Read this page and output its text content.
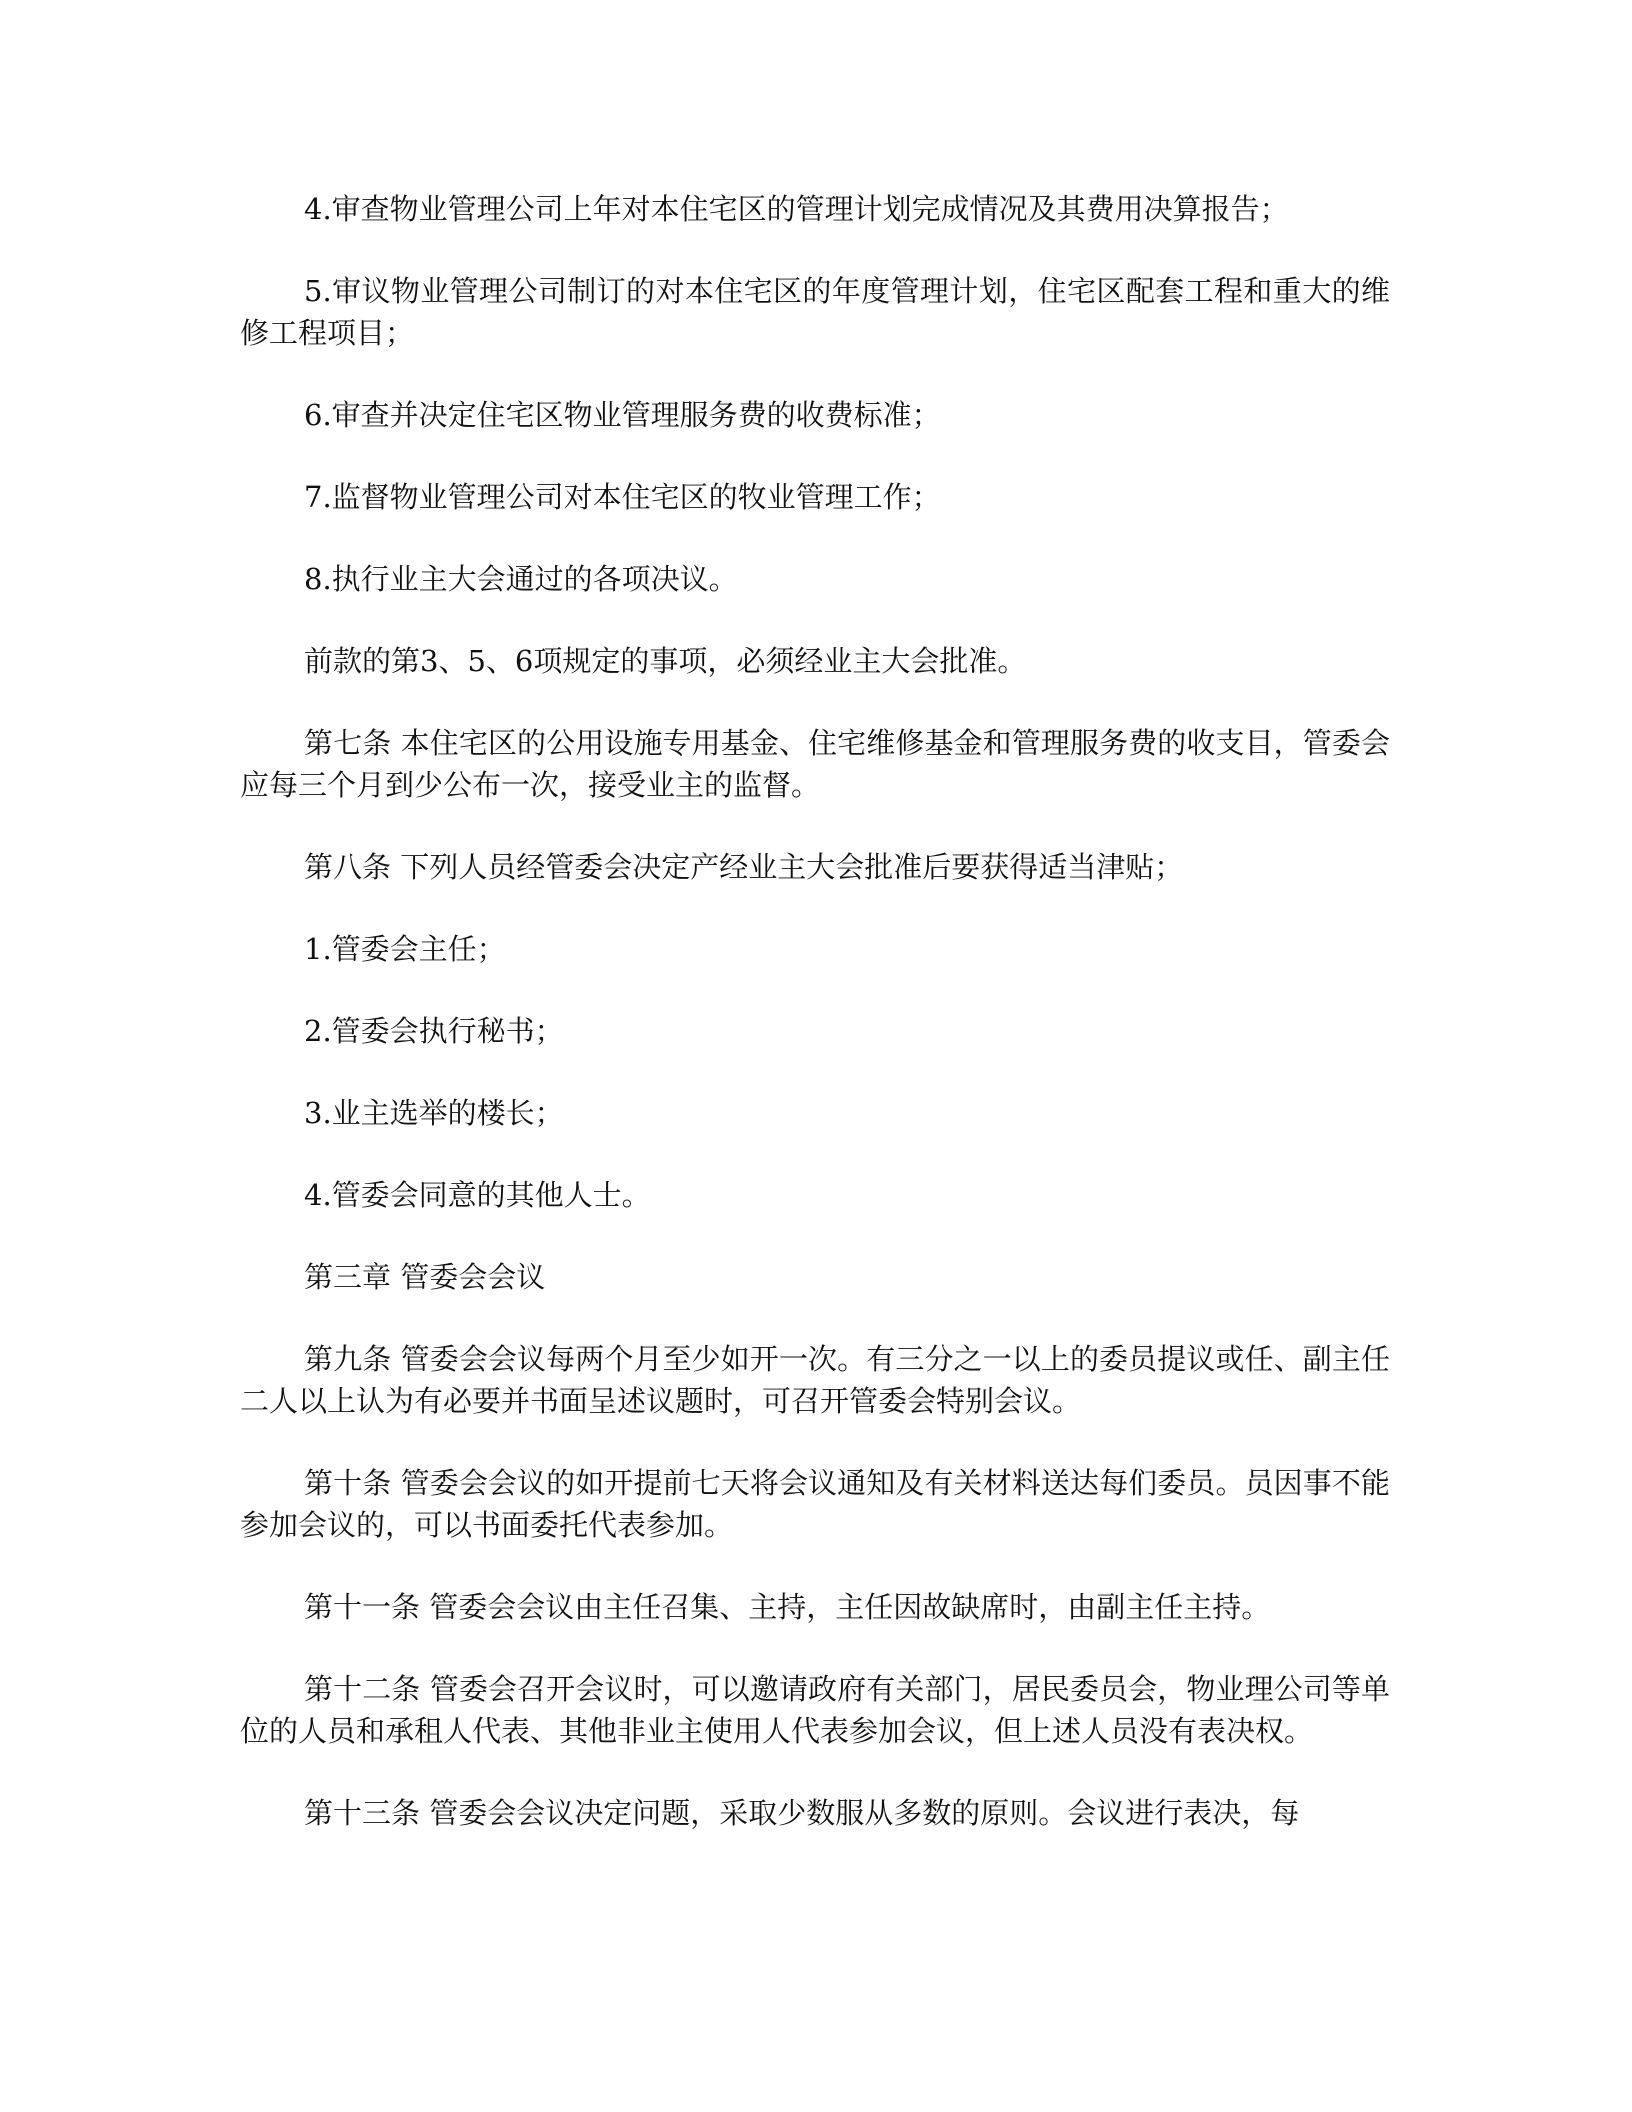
4.审查物业管理公司上年对本住宅区的管理计划完成情况及其费用决算报告；

5.审议物业管理公司制订的对本住宅区的年度管理计划，住宅区配套工程和重大的维修工程项目；

6.审查并决定住宅区物业管理服务费的收费标准；

7.监督物业管理公司对本住宅区的牧业管理工作；

8.执行业主大会通过的各项决议。

前款的第3、5、6项规定的事项，必须经业主大会批准。

第七条 本住宅区的公用设施专用基金、住宅维修基金和管理服务费的收支目，管委会应每三个月到少公布一次，接受业主的监督。

第八条 下列人员经管委会决定产经业主大会批准后要获得适当津贴；

1.管委会主任；

2.管委会执行秘书；

3.业主选举的楼长；

4.管委会同意的其他人士。

第三章 管委会会议

第九条 管委会会议每两个月至少如开一次。有三分之一以上的委员提议或任、副主任二人以上认为有必要并书面呈述议题时，可召开管委会特别会议。

第十条 管委会会议的如开提前七天将会议通知及有关材料送达每们委员。员因事不能参加会议的，可以书面委托代表参加。

第十一条 管委会会议由主任召集、主持，主任因故缺席时，由副主任主持。

第十二条 管委会召开会议时，可以邀请政府有关部门，居民委员会，物业理公司等单位的人员和承租人代表、其他非业主使用人代表参加会议，但上述人员没有表决权。

第十三条 管委会会议决定问题，采取少数服从多数的原则。会议进行表决，每
